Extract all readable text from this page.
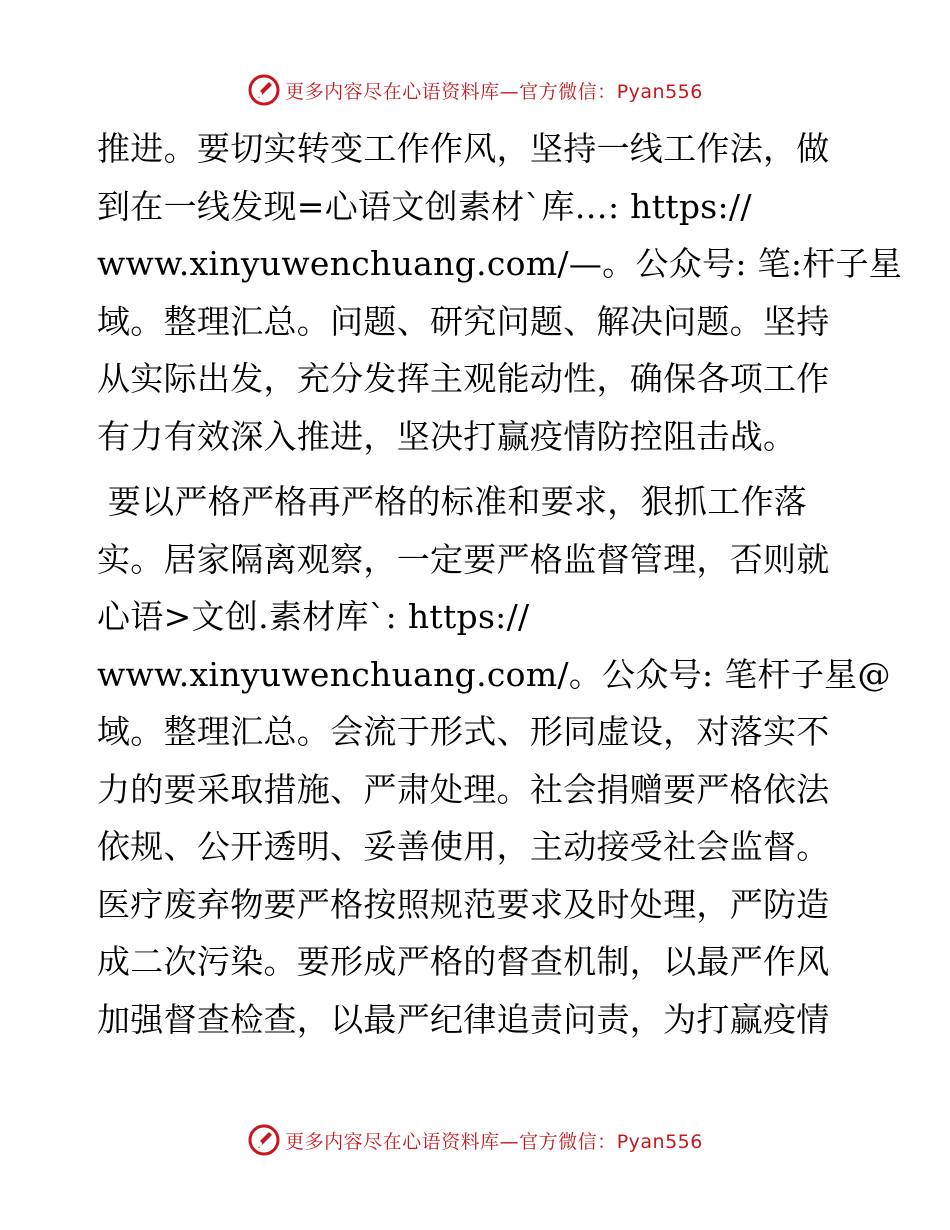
更多内容尽在心语资料库—官方微信：Pyan556
推进。要切实转变工作作风，坚持一线工作法，做
到在一线发现=心语文创素材`库…: https://
www.xinyuwenchuang.com/—。公众号: 笔:杆子星
域。整理汇总。问题、研究问题、解决问题。坚持
从实际出发，充分发挥主观能动性，确保各项工作
有力有效深入推进，坚决打赢疫情防控阻击战。
要以严格严格再严格的标准和要求，狠抓工作落
实。居家隔离观察，一定要严格监督管理，否则就
心语>文创.素材库`: https://
www.xinyuwenchuang.com/。公众号: 笔杆子星@
域。整理汇总。会流于形式、形同虚设，对落实不
力的要采取措施、严肃处理。社会捐赠要严格依法
依规、公开透明、妥善使用，主动接受社会监督。
医疗废弃物要严格按照规范要求及时处理，严防造
成二次污染。要形成严格的督查机制，以最严作风
加强督查检查，以最严纪律追责问责，为打赢疫情
更多内容尽在心语资料库—官方微信：Pyan556
